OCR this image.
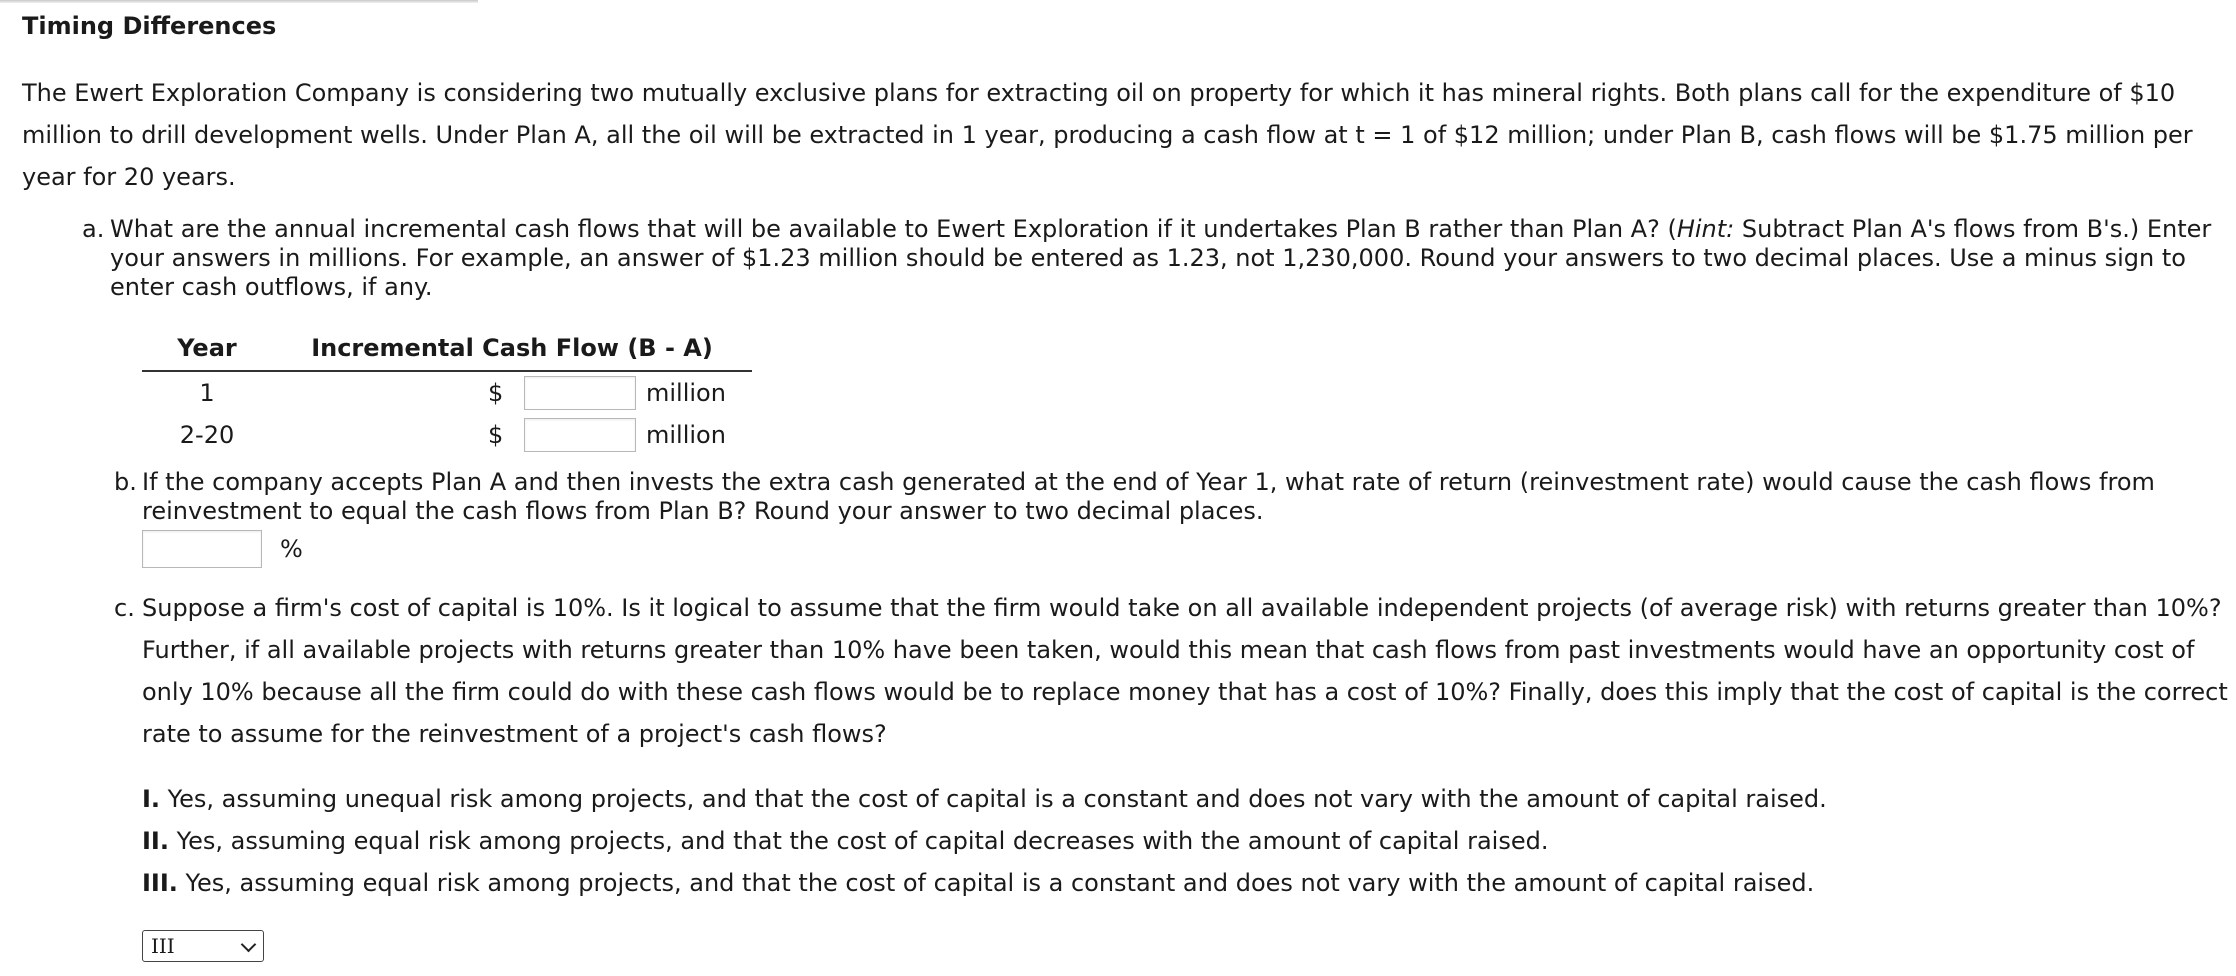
Timing Differences

The Ewert Exploration Company is considering two mutually exclusive plans for extracting oil on property for which it has mineral rights. Both plans call for the expenditure of $10 million to drill development wells. Under Plan A, all the oil will be extracted in 1 year, producing a cash flow at t = 1 of $12 million; under Plan B, cash flows will be $1.75 million per year for 20 years.

a. What are the annual incremental cash flows that will be available to Ewert Exploration if it undertakes Plan B rather than Plan A? (Hint: Subtract Plan A's flows from B's.) Enter your answers in millions. For example, an answer of $1.23 million should be entered as 1.23, not 1,230,000. Round your answers to two decimal places. Use a minus sign to enter cash outflows, if any.

Year	Incremental Cash Flow (B - A)
1	$ million

2-20	$ million

b. If the company accepts Plan A and then invests the extra cash generated at the end of Year 1, what rate of return (reinvestment rate) would cause the cash flows from reinvestment to equal the cash flows from Plan B? Round your answer to two decimal places.

%

c. Suppose a firm's cost of capital is 10%. Is it logical to assume that the firm would take on all available independent projects (of average risk) with returns greater than 10%? Further, if all available projects with returns greater than 10% have been taken, would this mean that cash flows from past investments would have an opportunity cost of only 10% because all the firm could do with these cash flows would be to replace money that has a cost of 10%? Finally, does this imply that the cost of capital is the correct rate to assume for the reinvestment of a project's cash flows?

I. Yes, assuming unequal risk among projects, and that the cost of capital is a constant and does not vary with the amount of capital raised.
II. Yes, assuming equal risk among projects, and that the cost of capital decreases with the amount of capital raised.
III. Yes, assuming equal risk among projects, and that the cost of capital is a constant and does not vary with the amount of capital raised.
III
